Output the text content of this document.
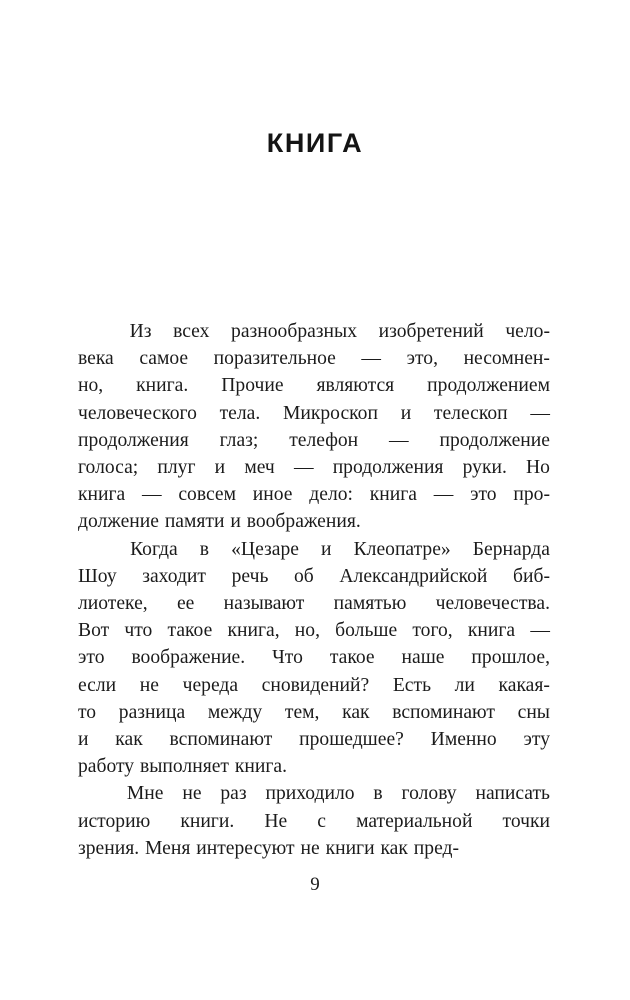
КНИГА

Из всех разнообразных изобретений чело-
века самое поразительное — это, несомнен-
но, книга. Прочие являются продолжением
человеческого тела. Микроскоп и телескоп —
продолжения глаз; телефон — продолжение
голоса; плуг и меч — продолжения руки. Но
книга — совсем иное дело: книга — это про-
должение памяти и воображения.

Когда в «Цезаре и Клеопатре» Бернарда
Шоу заходит речь об Александрийской биб-
лиотеке, ее называют памятью человечества.
Вот что такое книга, но, больше того, книга —
это воображение. Что такое наше прошлое,
если не череда сновидений? Есть ли какая-
то разница между тем, как вспоминают сны
и как вспоминают прошедшее? Именно эту
работу выполняет книга.

Мне не раз приходило в голову написать
историю книги. Не с материальной точки
зрения. Меня интересуют не книги как пред-

9
